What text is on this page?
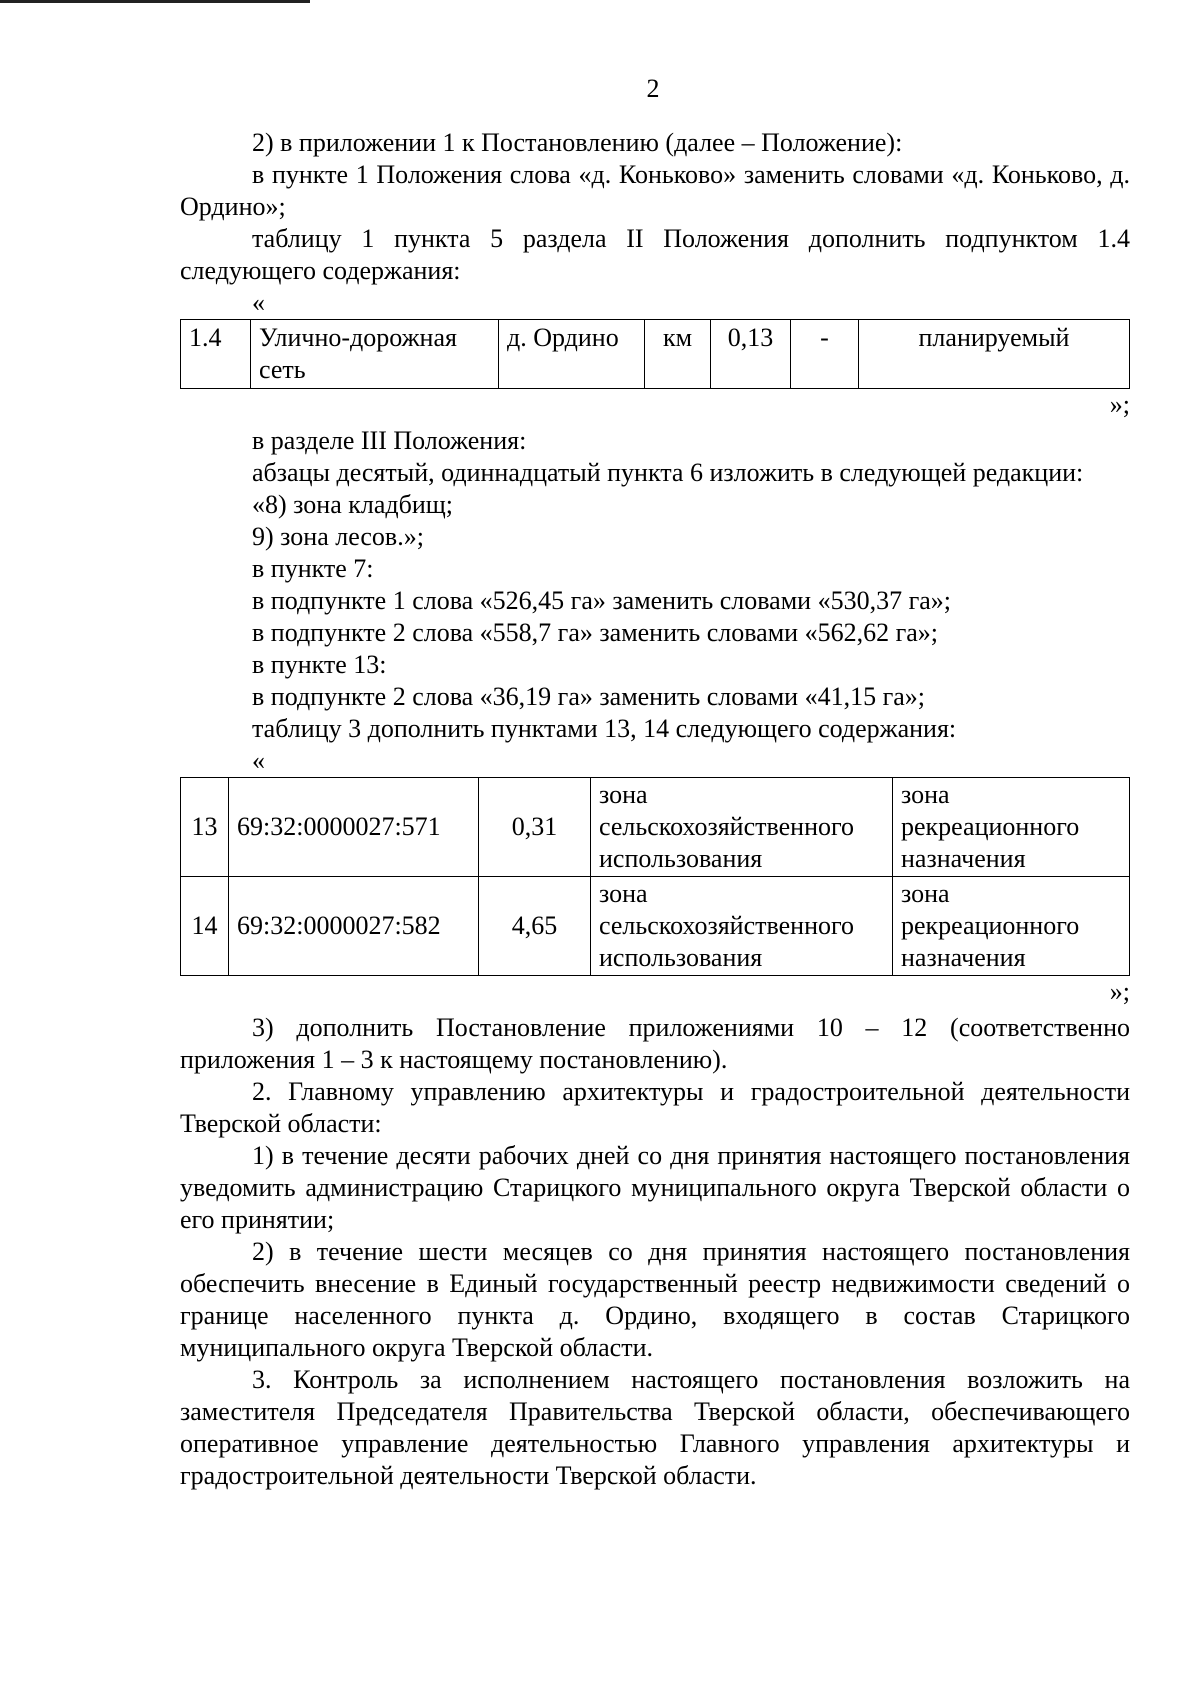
2

2) в приложении 1 к Постановлению (далее – Положение):

в пункте 1 Положения слова «д. Коньково» заменить словами «д. Коньково, д. Ордино»;

таблицу 1 пункта 5 раздела II Положения дополнить подпунктом 1.4 следующего содержания:

«

1.4	Улично-дорожная сеть	д. Ордино	км	0,13	-	планируемый

»;

в разделе III Положения:

абзацы десятый, одиннадцатый пункта 6 изложить в следующей редакции:

«8) зона кладбищ;

9) зона лесов.»;

в пункте 7:

в подпункте 1 слова «526,45 га» заменить словами «530,37 га»;

в подпункте 2 слова «558,7 га» заменить словами «562,62 га»;

в пункте 13:

в подпункте 2 слова «36,19 га» заменить словами «41,15 га»;

таблицу 3 дополнить пунктами 13, 14 следующего содержания:

«

13	69:32:0000027:571	0,31	зона сельскохозяйственного использования	зона рекреационного назначения
14	69:32:0000027:582	4,65	зона сельскохозяйственного использования	зона рекреационного назначения

»;

3) дополнить Постановление приложениями 10 – 12 (соответственно приложения 1 – 3 к настоящему постановлению).

2. Главному управлению архитектуры и градостроительной деятельности Тверской области:

1) в течение десяти рабочих дней со дня принятия настоящего постановления уведомить администрацию Старицкого муниципального округа Тверской области о его принятии;

2) в течение шести месяцев со дня принятия настоящего постановления обеспечить внесение в Единый государственный реестр недвижимости сведений о границе населенного пункта д. Ордино, входящего в состав Старицкого муниципального округа Тверской области.

3. Контроль за исполнением настоящего постановления возложить на заместителя Председателя Правительства Тверской области, обеспечивающего оперативное управление деятельностью Главного управления архитектуры и градостроительной деятельности Тверской области.
